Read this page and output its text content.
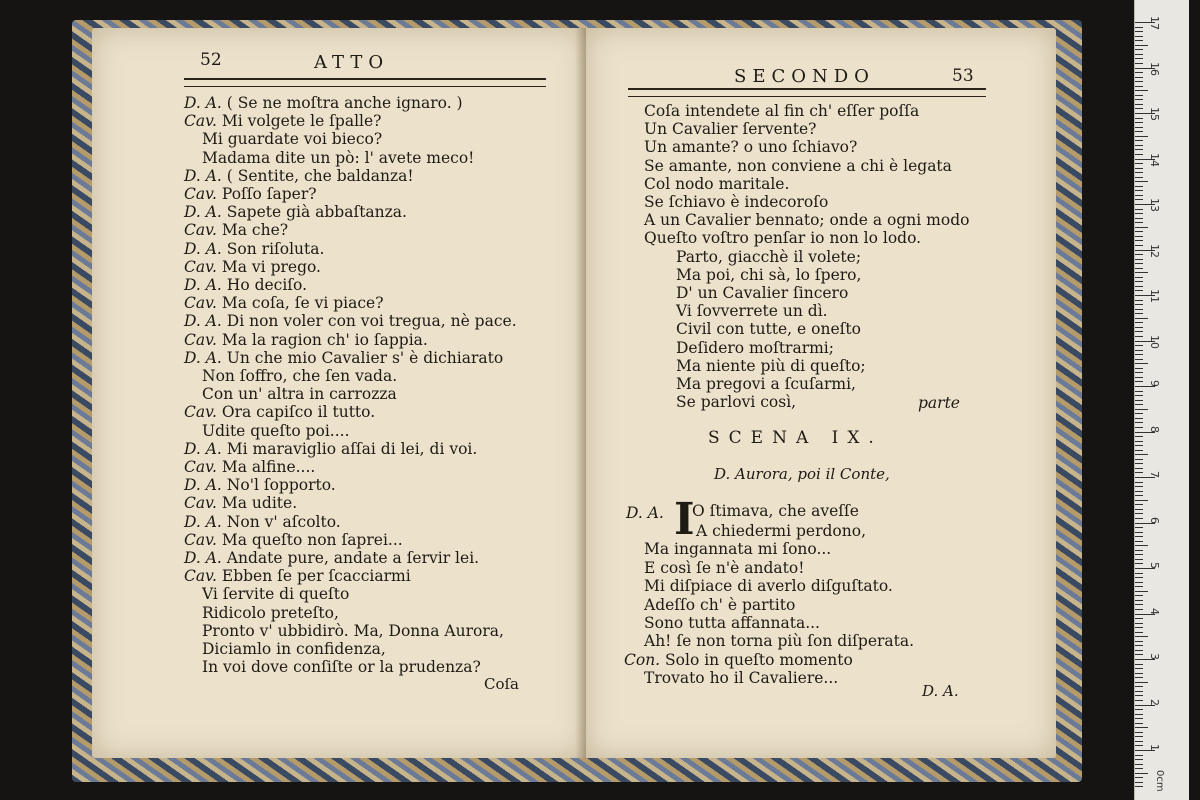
52	ATTO
D. A. ( Se ne moſtra anche ignaro. )
Cav. Mi volgete le ſpalle?
Mi guardate voi bieco?
Madama dite un pò: l' avete meco!
D. A. ( Sentite, che baldanza!
Cav. Poſſo ſaper?
D. A. Sapete già abbaſtanza.
Cav. Ma che?
D. A. Son riſoluta.
Cav. Ma vi prego.
D. A. Ho deciſo.
Cav. Ma coſa, ſe vi piace?
D. A. Di non voler con voi tregua, nè pace.
Cav. Ma la ragion ch' io ſappia.
D. A. Un che mio Cavalier s' è dichiarato
Non ſoffro, che ſen vada.
Con un' altra in carrozza
Cav. Ora capiſco il tutto.
Udite queſto poi....
D. A. Mi maraviglio aſſai di lei, di voi.
Cav. Ma alfine....
D. A. No'l ſopporto.
Cav. Ma udite.
D. A. Non v' aſcolto.
Cav. Ma queſto non ſaprei...
D. A. Andate pure, andate a ſervir lei.
Cav. Ebben ſe per ſcacciarmi
Vi ſervite di queſto
Ridicolo preteſto,
Pronto v' ubbidirò. Ma, Donna Aurora,
Diciamlo in confidenza,
In voi dove conſiſte or la prudenza?
Coſa
SECONDO	53
Coſa intendete al fin ch' eſſer poſſa
Un Cavalier ſervente?
Un amante? o uno ſchiavo?
Se amante, non conviene a chi è legata
Col nodo maritale.
Se ſchiavo è indecoroſo
A un Cavalier bennato; onde a ogni modo
Queſto voſtro penſar io non lo lodo.
Parto, giacchè il volete;
Ma poi, chi sà, lo ſpero,
D' un Cavalier ſincero
Vi ſovverrete un dì.
Civil con tutte, e oneſto
Deſidero moſtrarmi;
Ma niente più di queſto;
Ma pregovi a ſcuſarmi,
Se parlovi così,	parte
SCENA IX.
D. Aurora, poi il Conte,
D. A. I
O ſtimava, che aveſſe
A chiedermi perdono,
Ma ingannata mi ſono...
E così ſe n'è andato!
Mi diſpiace di averlo diſguſtato.
Adeſſo ch' è partito
Sono tutta affannata...
Ah! ſe non torna più ſon diſperata.
Con. Solo in queſto momento
Trovato ho il Cavaliere...
D. A.
0cm
17
16
15
14
13
12
11
10
9
8
7
6
5
4
3
2
1
